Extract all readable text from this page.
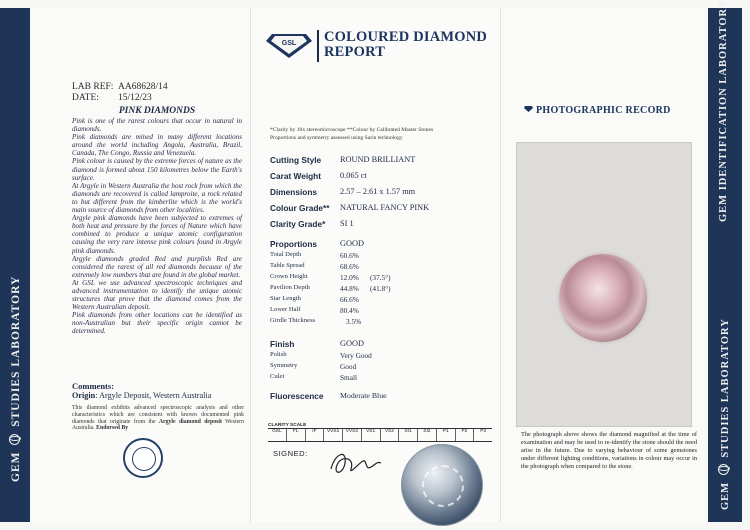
GEM  STUDIES LABORATORY
GEM IDENTIFICATION LABORATORY
GEM  STUDIES LABORATORY
LAB REF: AA68628/14
DATE: 15/12/23
PINK DIAMONDS

Pink is one of the rarest colours that occur in natural in diamonds.

Pink diamonds are mined in many different locations around the world including Angola, Australia, Brazil, Canada, The Congo, Russia and Venezuela.

Pink colour is caused by the extreme forces of nature as the diamond is formed about 150 kilometres below the Earth's surface.

At Argyle in Western Australia the host rock from which the diamonds are recovered is called lamproite, a rock related to but different from the kimberlite which is the world's main source of diamonds from other localities.

Argyle pink diamonds have been subjected to extremes of both heat and pressure by the forces of Nature which have combined to produce a unique atomic configuration causing the very rare intense pink colours found in Argyle pink diamonds.

Argyle diamonds graded Red and purplish Red are considered the rarest of all red diamonds because of the extremely low numbers that are found in the global market.

At GSL we use advanced spectroscopic techniques and advanced instrumentation to identify the unique atomic structures that prove that the diamond comes from the Western Australian deposit.

Pink diamonds from other locations can be identified as non-Australian but their specific origin cannot be determined.

Comments:
Origin: Argyle Deposit, Western Australia
This diamond exhibits advanced spectroscopic analysis and other characteristics which are consistent with known documented pink diamonds that originate from the Argyle diamond deposit Western Australia. Endorsed By
GSL COLOURED DIAMOND
REPORT
*Clarity by 10x stereomicroscope **Colour by Calibrated Master Stones
Proportions and symmetry assessed using Sarin technology
Cutting Style ROUND BRILLIANT
Carat Weight 0.065 ct
Dimensions	2.57 – 2.61 x 1.57 mm
Colour Grade** NATURAL FANCY PINK
Clarity Grade* SI 1
Proportions	GOOD
Total Depth	60.6%
Table Spread	68.6%
Crown Height	12.0% (37.5°)
Pavilion Depth	44.8% (41.8°)
Star Length	66.6%
Lower Half	80.4%
Girdle Thickness	3.5%
Finish	GOOD
Polish	Very Good
Symmetry	Good
Culet	Small
Fluorescence Moderate Blue
CLARITY SCALE
GSL	FL	IF	VVS1	VVS2	VS1	VS2	SI1	SI2	P1	P2	P3
SIGNED:
PHOTOGRAPHIC RECORD
The photograph above shows the diamond magnified at the time of examination and may be used to re-identify the stone should the need arise in the future. Due to varying behaviour of some gemstones under different lighting conditions, variations in colour may occur in the photograph when compared to the stone.
